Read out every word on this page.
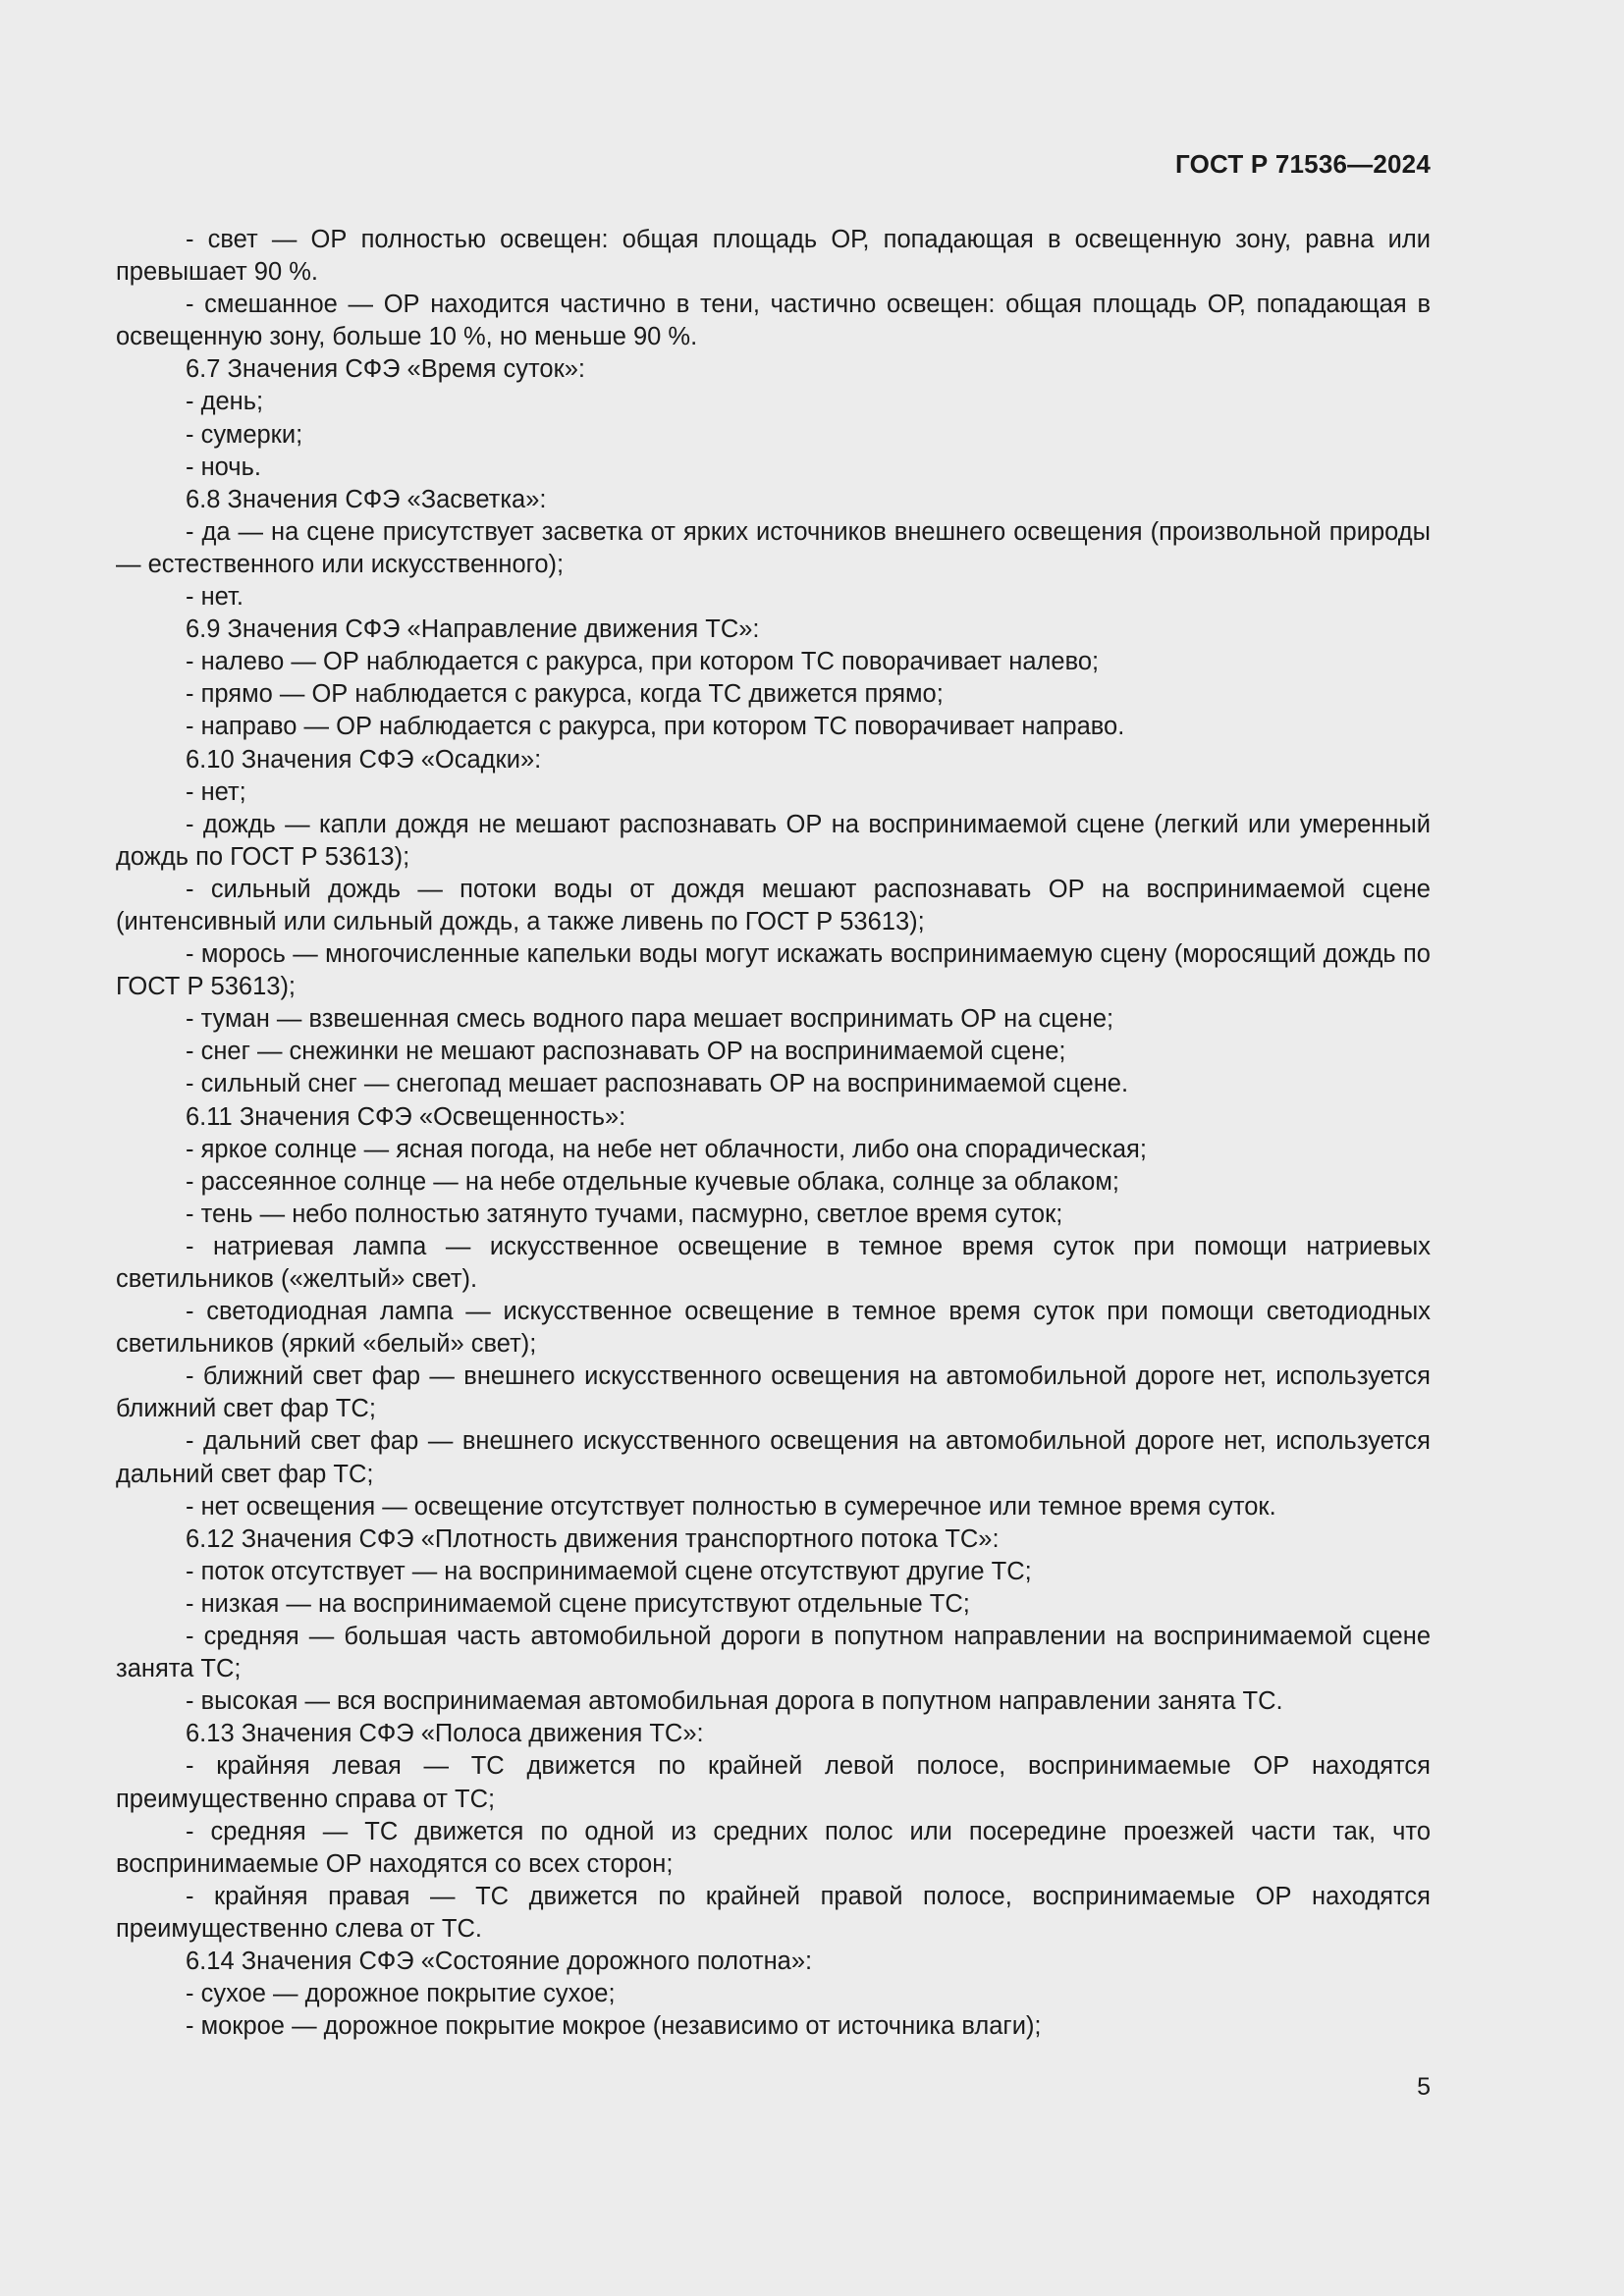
ГОСТ Р 71536—2024

- свет — ОР полностью освещен: общая площадь ОР, попадающая в освещенную зону, равна или превышает 90 %.

- смешанное — ОР находится частично в тени, частично освещен: общая площадь ОР, попадающая в освещенную зону, больше 10 %, но меньше 90 %.

6.7 Значения СФЭ «Время суток»:

- день;

- сумерки;

- ночь.

6.8 Значения СФЭ «Засветка»:

- да — на сцене присутствует засветка от ярких источников внешнего освещения (произвольной природы — естественного или искусственного);

- нет.

6.9 Значения СФЭ «Направление движения ТС»:

- налево — ОР наблюдается с ракурса, при котором ТС поворачивает налево;

- прямо — ОР наблюдается с ракурса, когда ТС движется прямо;

- направо — ОР наблюдается с ракурса, при котором ТС поворачивает направо.

6.10 Значения СФЭ «Осадки»:

- нет;

- дождь — капли дождя не мешают распознавать ОР на воспринимаемой сцене (легкий или умеренный дождь по ГОСТ Р 53613);

- сильный дождь — потоки воды от дождя мешают распознавать ОР на воспринимаемой сцене (интенсивный или сильный дождь, а также ливень по ГОСТ Р 53613);

- морось — многочисленные капельки воды могут искажать воспринимаемую сцену (моросящий дождь по ГОСТ Р 53613);

- туман — взвешенная смесь водного пара мешает воспринимать ОР на сцене;

- снег — снежинки не мешают распознавать ОР на воспринимаемой сцене;

- сильный снег — снегопад мешает распознавать ОР на воспринимаемой сцене.

6.11 Значения СФЭ «Освещенность»:

- яркое солнце — ясная погода, на небе нет облачности, либо она спорадическая;

- рассеянное солнце — на небе отдельные кучевые облака, солнце за облаком;

- тень — небо полностью затянуто тучами, пасмурно, светлое время суток;

- натриевая лампа — искусственное освещение в темное время суток при помощи натриевых светильников («желтый» свет).

- светодиодная лампа — искусственное освещение в темное время суток при помощи светодиодных светильников (яркий «белый» свет);

- ближний свет фар — внешнего искусственного освещения на автомобильной дороге нет, используется ближний свет фар ТС;

- дальний свет фар — внешнего искусственного освещения на автомобильной дороге нет, используется дальний свет фар ТС;

- нет освещения — освещение отсутствует полностью в сумеречное или темное время суток.

6.12 Значения СФЭ «Плотность движения транспортного потока ТС»:

- поток отсутствует — на воспринимаемой сцене отсутствуют другие ТС;

- низкая — на воспринимаемой сцене присутствуют отдельные ТС;

- средняя — большая часть автомобильной дороги в попутном направлении на воспринимаемой сцене занята ТС;

- высокая — вся воспринимаемая автомобильная дорога в попутном направлении занята ТС.

6.13 Значения СФЭ «Полоса движения ТС»:

- крайняя левая — ТС движется по крайней левой полосе, воспринимаемые ОР находятся преимущественно справа от ТС;

- средняя — ТС движется по одной из средних полос или посередине проезжей части так, что воспринимаемые ОР находятся со всех сторон;

- крайняя правая — ТС движется по крайней правой полосе, воспринимаемые ОР находятся преимущественно слева от ТС.

6.14 Значения СФЭ «Состояние дорожного полотна»:

- сухое — дорожное покрытие сухое;

- мокрое — дорожное покрытие мокрое (независимо от источника влаги);

5
